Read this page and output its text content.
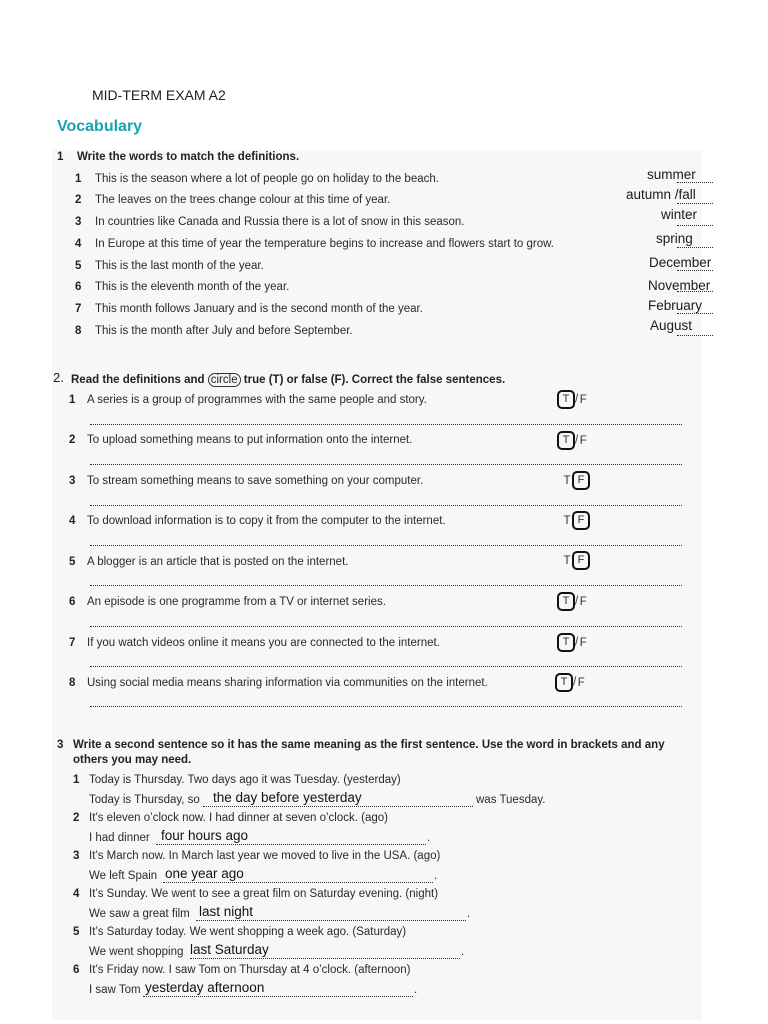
MID-TERM EXAM A2
Vocabulary
1 Write the words to match the definitions.
1 This is the season where a lot of people go on holiday to the beach.	summer
2 The leaves on the trees change colour at this time of year.	autumn /fall
3 In countries like Canada and Russia there is a lot of snow in this season.	winter
4 In Europe at this time of year the temperature begins to increase and flowers start to grow.	spring
5 This is the last month of the year.	December
6 This is the eleventh month of the year.	November
7 This month follows January and is the second month of the year.	February
8 This is the month after July and before September.	August
2. Read the definitions and circle true (T) or false (F). Correct the false sentences.
1 A series is a group of programmes with the same people and story.	T /F
2 To upload something means to put information onto the internet.	T /F
3 To stream something means to save something on your computer.	T F
4 To download information is to copy it from the computer to the internet.	T F
5 A blogger is an article that is posted on the internet.	T F
6 An episode is one programme from a TV or internet series.	T /F
7 If you watch videos online it means you are connected to the internet.	T /F
8 Using social media means sharing information via communities on the internet.	T /F
3 Write a second sentence so it has the same meaning as the first sentence. Use the word in brackets and any
others you may need.
1 Today is Thursday. Two days ago it was Tuesday. (yesterday)
Today is Thursday, so the day before yesterday	was Tuesday.
2 It’s eleven o’clock now. I had dinner at seven o’clock. (ago)
I had dinner four hours ago	.
3 It’s March now. In March last year we moved to live in the USA. (ago)
We left Spain one year ago	.
4 It’s Sunday. We went to see a great film on Saturday evening. (night)
We saw a great film last night	.
5 It’s Saturday today. We went shopping a week ago. (Saturday)
We went shopping last Saturday	.
6 It’s Friday now. I saw Tom on Thursday at 4 o’clock. (afternoon)
I saw Tom yesterday afternoon	.
